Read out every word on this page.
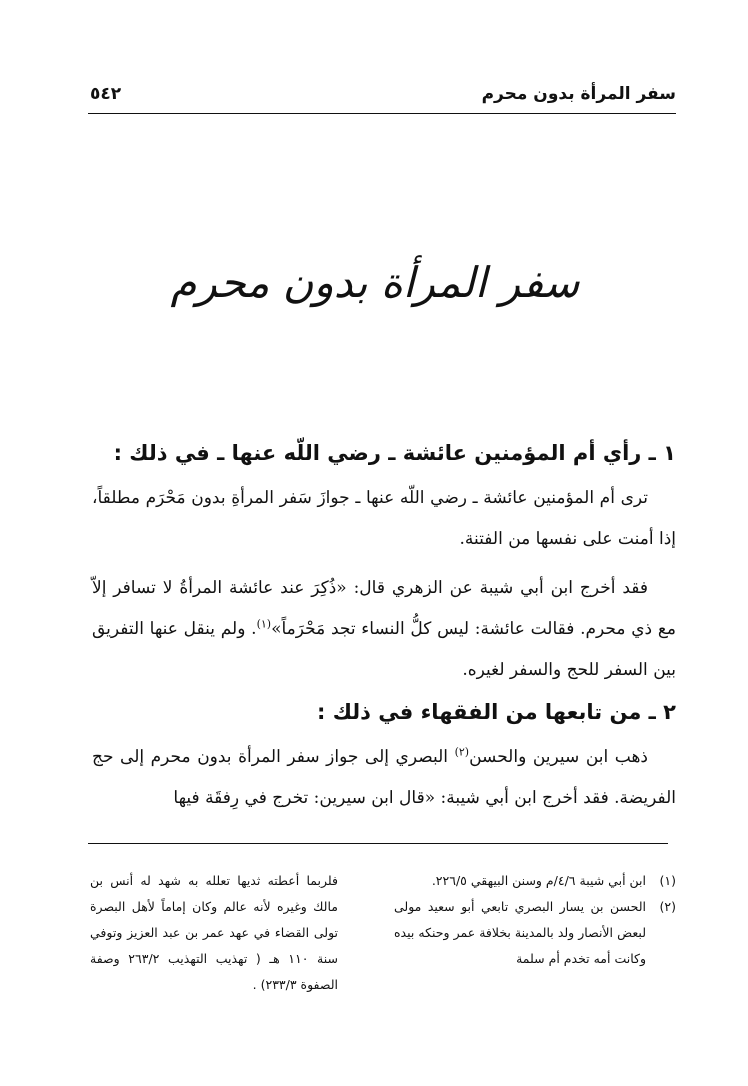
سفر المرأة بدون محرم
٥٤٢
سفر المرأة بدون محرم
١ ـ رأي أم المؤمنين عائشة ـ رضي اللّه عنها ـ في ذلك :
ترى أم المؤمنين عائشة ـ رضي اللّه عنها ـ جوازَ سَفر المرأةِ بدون مَحْرَم مطلقاً، إذا أمنت على نفسها من الفتنة.
فقد أخرج ابن أبي شيبة عن الزهري قال: «ذُكِرَ عند عائشة المرأةُ لا تسافر إلاّ مع ذي محرم. فقالت عائشة: ليس كلُّ النساء تجد مَحْرَماً»$^{(١)}$. ولم ينقل عنها التفريق بين السفر للحج والسفر لغيره.
٢ ـ من تابعها من الفقهاء في ذلك :
ذهب ابن سيرين والحسن$^{(٢)}$ البصري إلى جواز سفر المرأة بدون محرم إلى حج الفريضة. فقد أخرج ابن أبي شيبة: «قال ابن سيرين: تخرج في رِفقَة فيها
(١)
ابن أبي شيبة ٤/٦/م وسنن البيهقي ٢٢٦/٥.
(٢)
الحسن بن يسار البصري تابعي أبو سعيد مولى لبعض الأنصار ولد بالمدينة بخلافة عمر وحنكه بيده وكانت أمه تخدم أم سلمة
فلربما أعطته ثديها تعلله به شهد له أنس بن مالك وغيره لأنه عالم وكان إماماً لأهل البصرة تولى القضاء في عهد عمر بن عبد العزيز وتوفي سنة ١١٠ هـ ( تهذيب التهذيب ٢٦٣/٢ وصفة الصفوة ٢٣٣/٣) .
